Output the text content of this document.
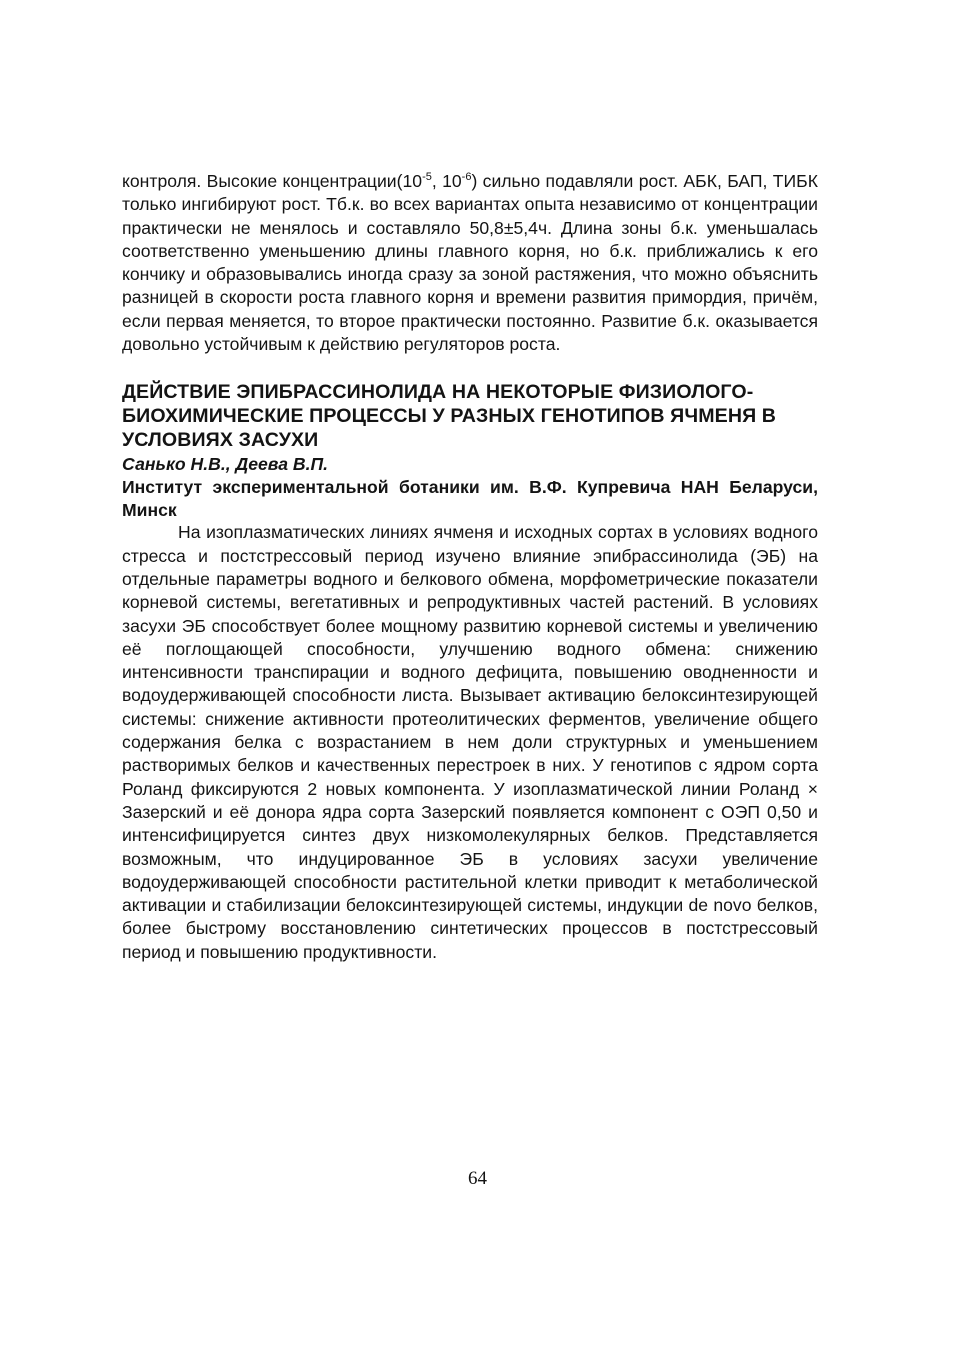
контроля. Высокие $концентрации(10^{-5}$, $10^{-6}$) сильно подавляли рост. АБК, БАП, ТИБК только ингибируют рост. Тб.к. во всех вариантах опыта независимо от концентрации практически не менялось и составляло 50,8±5,4ч. Длина зоны б.к. уменьшалась соответственно уменьшению длины главного корня, но б.к. приближались к его кончику и образовывались иногда сразу за зоной растяжения, что можно объяснить разницей в скорости роста главного корня и времени развития примордия, причём, если первая меняется, то второе практически постоянно. Развитие б.к. оказывается довольно устойчивым к действию регуляторов роста.

ДЕЙСТВИЕ ЭПИБРАССИНОЛИДА НА НЕКОТОРЫЕ ФИЗИОЛОГО-БИОХИМИЧЕСКИЕ ПРОЦЕССЫ У РАЗНЫХ ГЕНОТИПОВ ЯЧМЕНЯ В УСЛОВИЯХ ЗАСУХИ

Санько Н.В., Деева В.П.

Институт экспериментальной ботаники им. В.Ф. Купревича НАН Беларуси, Минск

На изоплазматических линиях ячменя и исходных сортах в условиях водного стресса и постстрессовый период изучено влияние эпибрассинолида (ЭБ) на отдельные параметры водного и белкового обмена, морфометрические показатели корневой системы, вегетативных и репродуктивных частей растений. В условиях засухи ЭБ способствует более мощному развитию корневой системы и увеличению её поглощающей способности, улучшению водного обмена: снижению интенсивности транспирации и водного дефицита, повышению оводненности и водоудерживающей способности листа. Вызывает активацию белоксинтезирующей системы: снижение активности протеолитических ферментов, увеличение общего содержания белка с возрастанием в нем доли структурных и уменьшением растворимых белков и качественных перестроек в них. У генотипов с ядром сорта Роланд фиксируются 2 новых компонента. У изоплазматической линии Роланд × Зазерский и её донора ядра сорта Зазерский появляется компонент с ОЭП 0,50 и интенсифицируется синтез двух низкомолекулярных белков. Представляется возможным, что индуцированное ЭБ в условиях засухи увеличение водоудерживающей способности растительной клетки приводит к метаболической активации и стабилизации белоксинтезирующей системы, индукции de novo белков, более быстрому восстановлению синтетических процессов в постстрессовый период и повышению продуктивности.

64
